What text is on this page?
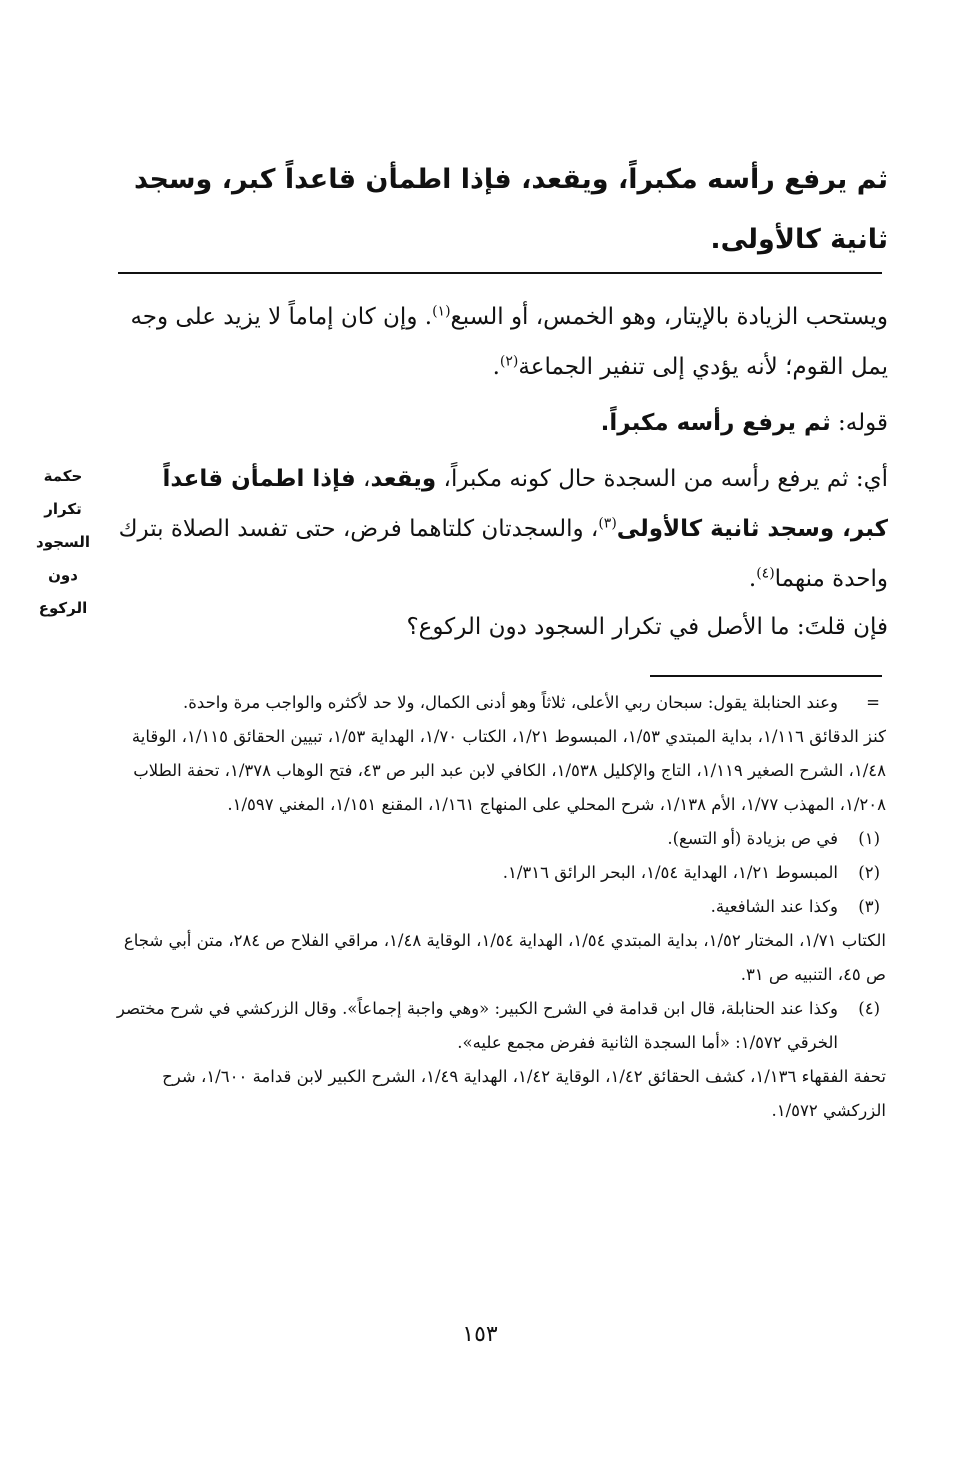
ثم يرفع رأسه مكبراً، ويقعد، فإذا اطمأن قاعداً كبر، وسجد ثانية كالأولى.
ويستحب الزيادة بالإيتار، وهو الخمس، أو السبع$^{(١)}$. وإن كان إماماً لا يزيد على وجه يمل القوم؛ لأنه يؤدي إلى تنفير الجماعة$^{(٢)}$.
قوله: ثم يرفع رأسه مكبراً.
أي: ثم يرفع رأسه من السجدة حال كونه مكبراً، ويقعد، فإذا اطمأن قاعداً كبر، وسجد ثانية كالأولى$^{(٣)}$، والسجدتان كلتاهما فرض، حتى تفسد الصلاة بترك واحدة منهما$^{(٤)}$.
فإن قلتَ: ما الأصل في تكرار السجود دون الركوع؟
حكمة
تكرار
السجود
دون
الركوع
=

وعند الحنابلة يقول: سبحان ربي الأعلى، ثلاثاً وهو أدنى الكمال، ولا حد لأكثره والواجب مرة واحدة.

كنز الدقائق ١/١١٦، بداية المبتدي ١/٥٣، المبسوط ١/٢١، الكتاب ١/٧٠، الهداية ١/٥٣، تبيين الحقائق ١/١١٥، الوقاية ١/٤٨، الشرح الصغير ١/١١٩، التاج والإكليل ١/٥٣٨، الكافي لابن عبد البر ص ٤٣، فتح الوهاب ١/٣٧٨، تحفة الطلاب ١/٢٠٨، المهذب ١/٧٧، الأم ١/١٣٨، شرح المحلي على المنهاج ١/١٦١، المقنع ١/١٥١، المغني ١/٥٩٧.

(١)

في ص بزيادة (أو التسع).

(٢)

المبسوط ١/٢١، الهداية ١/٥٤، البحر الرائق ١/٣١٦.

(٣)

وكذا عند الشافعية.

الكتاب ١/٧١، المختار ١/٥٢، بداية المبتدي ١/٥٤، الهداية ١/٥٤، الوقاية ١/٤٨، مراقي الفلاح ص ٢٨٤، متن أبي شجاع ص ٤٥، التنبيه ص ٣١.

(٤)

وكذا عند الحنابلة، قال ابن قدامة في الشرح الكبير: «وهي واجبة إجماعاً». وقال الزركشي في شرح مختصر الخرقي ١/٥٧٢: «أما السجدة الثانية ففرض مجمع عليه».

تحفة الفقهاء ١/١٣٦، كشف الحقائق ١/٤٢، الوقاية ١/٤٢، الهداية ١/٤٩، الشرح الكبير لابن قدامة ١/٦٠٠، شرح الزركشي ١/٥٧٢.

١٥٣
